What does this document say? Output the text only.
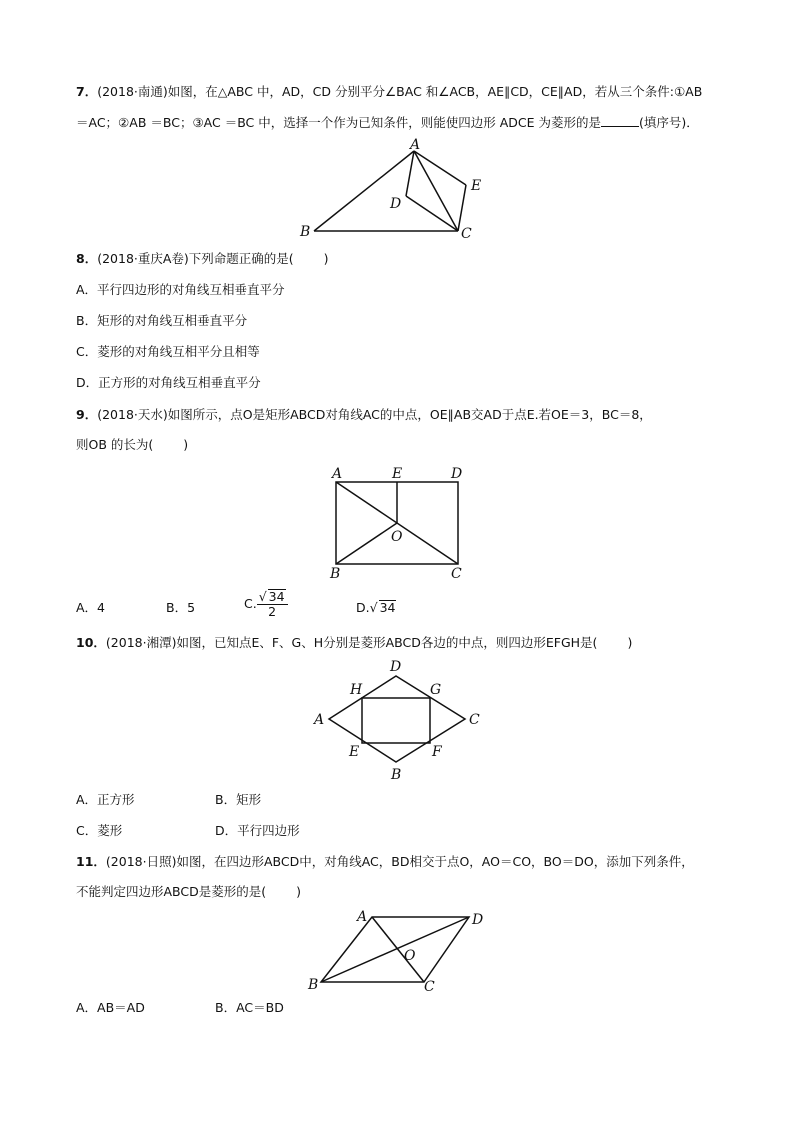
7．(2018·南通)如图，在△ABC 中，AD，CD 分别平分∠BAC 和∠ACB，AE∥CD，CE∥AD，若从三个条件:①AB
＝AC；②AB ＝BC；③AC ＝BC 中，选择一个作为已知条件，则能使四边形 ADCE 为菱形的是	(填序号)．
A
B	C
D
E
8．(2018·重庆A卷)下列命题正确的是( )
A．平行四边形的对角线互相垂直平分
B．矩形的对角线互相垂直平分
C．菱形的对角线互相平分且相等
D．正方形的对角线互相垂直平分
9．(2018·天水)如图所示，点O是矩形ABCD对角线AC的中点，OE∥AB交AD于点E.若OE＝3，BC＝8，
则OB 的长为( )
A	E	D
O
B	C
A．4	B．5	C. $\frac{√ 34}{2}$	D.√ 34
10．(2018·湘潭)如图，已知点E、F、G、H分别是菱形ABCD各边的中点，则四边形EFGH是( )
D
H	G
A	C
E	F
B
A．正方形	B．矩形
C．菱形	D．平行四边形
11．(2018·日照)如图，在四边形ABCD中，对角线AC，BD相交于点O，AO＝CO，BO＝DO，添加下列条件，
不能判定四边形ABCD是菱形的是( )
A	D
O
B	C
A．AB＝AD	B．AC＝BD
